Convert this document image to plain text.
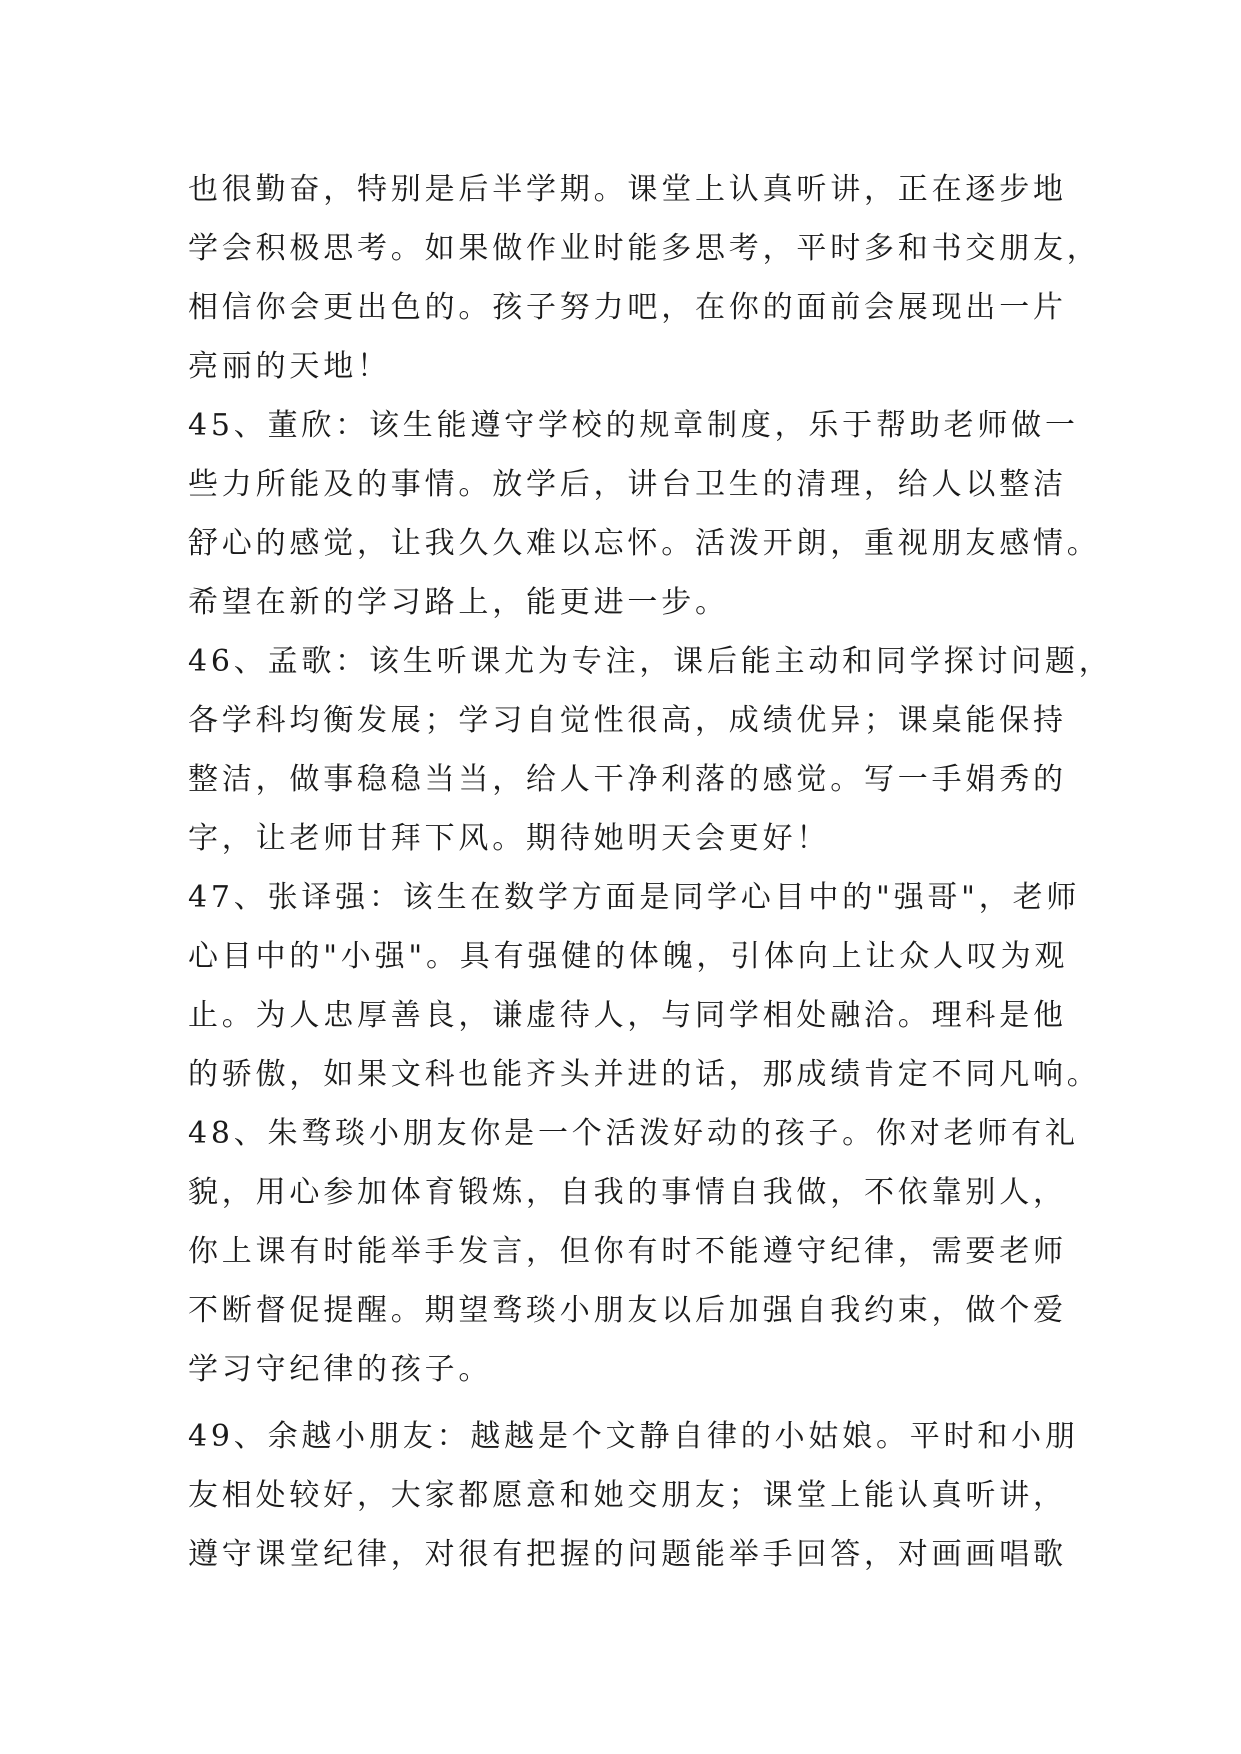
也很勤奋，特别是后半学期。课堂上认真听讲，正在逐步地
学会积极思考。如果做作业时能多思考，平时多和书交朋友，
相信你会更出色的。孩子努力吧，在你的面前会展现出一片
亮丽的天地！
45、董欣：该生能遵守学校的规章制度，乐于帮助老师做一
些力所能及的事情。放学后，讲台卫生的清理，给人以整洁
舒心的感觉，让我久久难以忘怀。活泼开朗，重视朋友感情。
希望在新的学习路上，能更进一步。
46、孟歌：该生听课尤为专注，课后能主动和同学探讨问题，
各学科均衡发展；学习自觉性很高，成绩优异；课桌能保持
整洁，做事稳稳当当，给人干净利落的感觉。写一手娟秀的
字，让老师甘拜下风。期待她明天会更好！
47、张译强：该生在数学方面是同学心目中的"强哥"，老师
心目中的"小强"。具有强健的体魄，引体向上让众人叹为观
止。为人忠厚善良，谦虚待人，与同学相处融洽。理科是他
的骄傲，如果文科也能齐头并进的话，那成绩肯定不同凡响。
48、朱骛琰小朋友你是一个活泼好动的孩子。你对老师有礼
貌，用心参加体育锻炼，自我的事情自我做，不依靠别人，
你上课有时能举手发言，但你有时不能遵守纪律，需要老师
不断督促提醒。期望骛琰小朋友以后加强自我约束，做个爱
学习守纪律的孩子。
49、余越小朋友：越越是个文静自律的小姑娘。平时和小朋
友相处较好，大家都愿意和她交朋友；课堂上能认真听讲，
遵守课堂纪律，对很有把握的问题能举手回答，对画画唱歌
